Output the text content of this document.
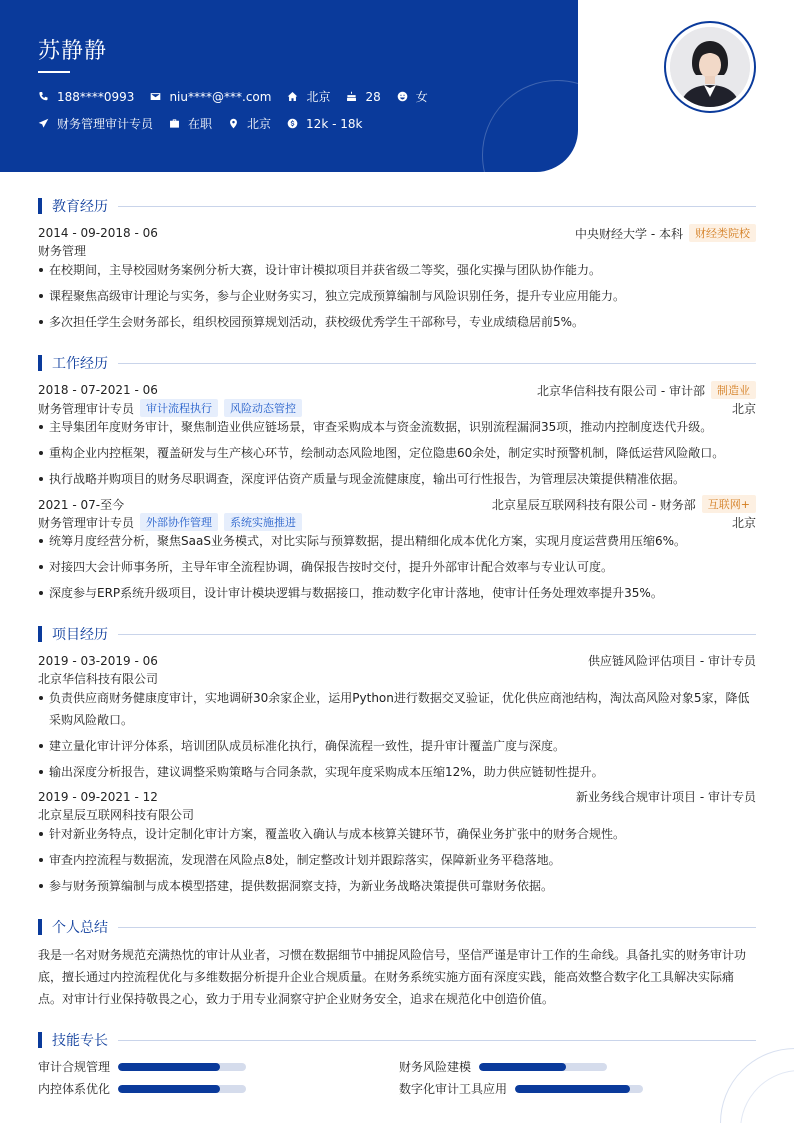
苏静静
188****0993	niu****@***.com	北京	28	女
财务管理审计专员	在职	北京	12k - 18k
教育经历
2014 - 09-2018 - 06	中央财经大学 - 本科	财经类院校
财务管理
在校期间，主导校园财务案例分析大赛，设计审计模拟项目并获省级二等奖，强化实操与团队协作能力。
课程聚焦高级审计理论与实务，参与企业财务实习，独立完成预算编制与风险识别任务，提升专业应用能力。
多次担任学生会财务部长，组织校园预算规划活动，获校级优秀学生干部称号，专业成绩稳居前5%。
工作经历
2018 - 07-2021 - 06	北京华信科技有限公司 - 审计部	制造业
财务管理审计专员	审计流程执行	风险动态管控	北京
主导集团年度财务审计，聚焦制造业供应链场景，审查采购成本与资金流数据，识别流程漏洞35项，推动内控制度迭代升级。
重构企业内控框架，覆盖研发与生产核心环节，绘制动态风险地图，定位隐患60余处，制定实时预警机制，降低运营风险敞口。
执行战略并购项目的财务尽职调查，深度评估资产质量与现金流健康度，输出可行性报告，为管理层决策提供精准依据。
2021 - 07-至今	北京星辰互联网科技有限公司 - 财务部	互联网+
财务管理审计专员	外部协作管理	系统实施推进	北京
统筹月度经营分析，聚焦SaaS业务模式，对比实际与预算数据，提出精细化成本优化方案，实现月度运营费用压缩6%。
对接四大会计师事务所，主导年审全流程协调，确保报告按时交付，提升外部审计配合效率与专业认可度。
深度参与ERP系统升级项目，设计审计模块逻辑与数据接口，推动数字化审计落地，使审计任务处理效率提升35%。
项目经历
2019 - 03-2019 - 06	供应链风险评估项目 - 审计专员
北京华信科技有限公司
负责供应商财务健康度审计，实地调研30余家企业，运用Python进行数据交叉验证，优化供应商池结构，淘汰高风险对象5家，降低采购风险敞口。
建立量化审计评分体系，培训团队成员标准化执行，确保流程一致性，提升审计覆盖广度与深度。
输出深度分析报告，建议调整采购策略与合同条款，实现年度采购成本压缩12%，助力供应链韧性提升。
2019 - 09-2021 - 12	新业务线合规审计项目 - 审计专员
北京星辰互联网科技有限公司
针对新业务特点，设计定制化审计方案，覆盖收入确认与成本核算关键环节，确保业务扩张中的财务合规性。
审查内控流程与数据流，发现潜在风险点8处，制定整改计划并跟踪落实，保障新业务平稳落地。
参与财务预算编制与成本模型搭建，提供数据洞察支持，为新业务战略决策提供可靠财务依据。
个人总结
我是一名对财务规范充满热忱的审计从业者，习惯在数据细节中捕捉风险信号，坚信严谨是审计工作的生命线。具备扎实的财务审计功底，擅长通过内控流程优化与多维数据分析提升企业合规质量。在财务系统实施方面有深度实践，能高效整合数字化工具解决实际痛点。对审计行业保持敬畏之心，致力于用专业洞察守护企业财务安全，追求在规范化中创造价值。
技能专长
审计合规管理	财务风险建模
内控体系优化	数字化审计工具应用
